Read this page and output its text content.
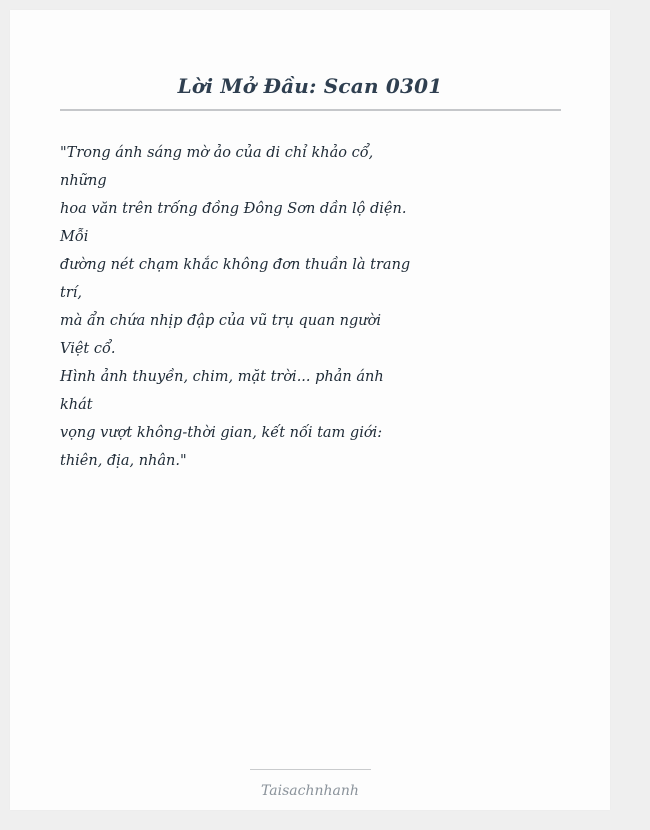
Lời Mở Đầu: Scan 0301
"Trong ánh sáng mờ ảo của di chỉ khảo cổ,
những
hoa văn trên trống đồng Đông Sơn dần lộ diện.
Mỗi
đường nét chạm khắc không đơn thuần là trang
trí,
mà ẩn chứa nhịp đập của vũ trụ quan người
Việt cổ.
Hình ảnh thuyền, chim, mặt trời... phản ánh
khát
vọng vượt không-thời gian, kết nối tam giới:
thiên, địa, nhân."
Taisachnhanh
